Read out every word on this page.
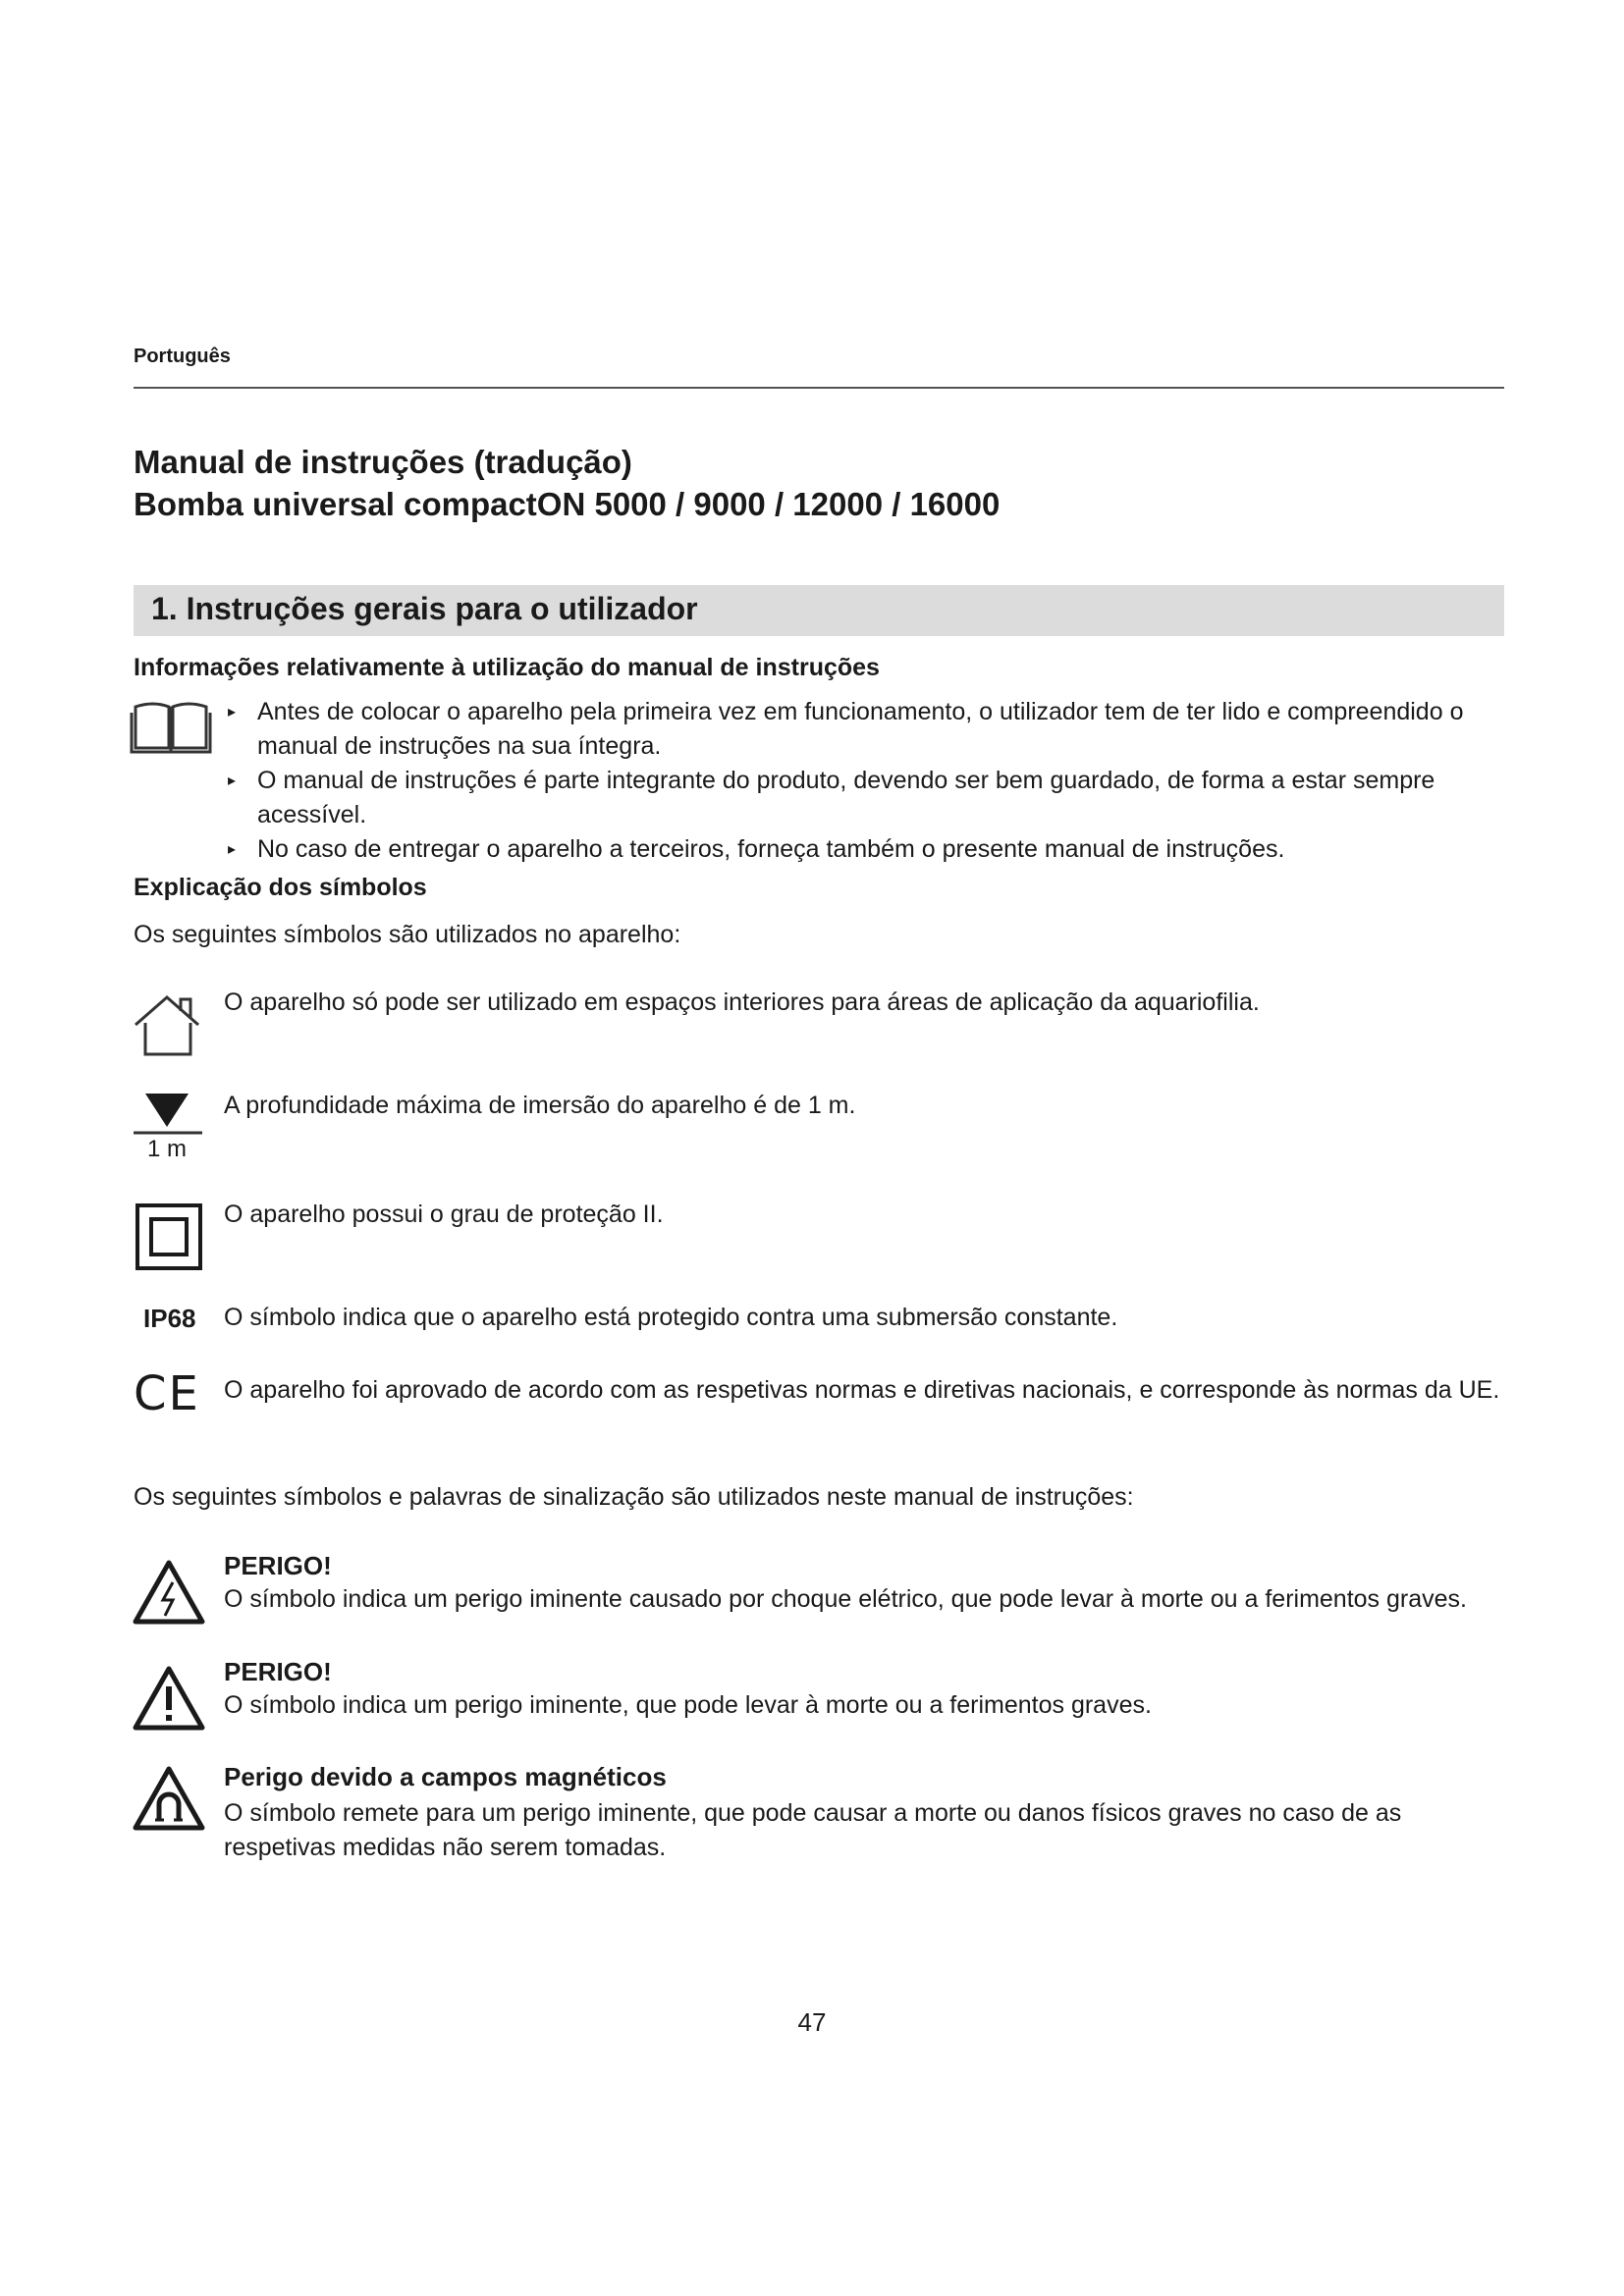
Português
Manual de instruções (tradução)
Bomba universal compactON 5000 / 9000 / 12000 / 16000
1. Instruções gerais para o utilizador
Informações relativamente à utilização do manual de instruções
▸ Antes de colocar o aparelho pela primeira vez em funcionamento, o utilizador tem de ter lido e compreendido o manual de instruções na sua íntegra.
▸ O manual de instruções é parte integrante do produto, devendo ser bem guardado, de forma a estar sempre acessível.
▸ No caso de entregar o aparelho a terceiros, forneça também o presente manual de instruções.
Explicação dos símbolos
Os seguintes símbolos são utilizados no aparelho:
O aparelho só pode ser utilizado em espaços interiores para áreas de aplicação da aquariofilia.
1 m
A profundidade máxima de imersão do aparelho é de 1 m.
O aparelho possui o grau de proteção II.
IP68 O símbolo indica que o aparelho está protegido contra uma submersão constante.
CE O aparelho foi aprovado de acordo com as respetivas normas e diretivas nacionais, e corresponde às normas da UE.
Os seguintes símbolos e palavras de sinalização são utilizados neste manual de instruções:
PERIGO!
O símbolo indica um perigo iminente causado por choque elétrico, que pode levar à morte ou a ferimentos graves.
PERIGO!
O símbolo indica um perigo iminente, que pode levar à morte ou a ferimentos graves.
Perigo devido a campos magnéticos
O símbolo remete para um perigo iminente, que pode causar a morte ou danos físicos graves no caso de as respetivas medidas não serem tomadas.
47
